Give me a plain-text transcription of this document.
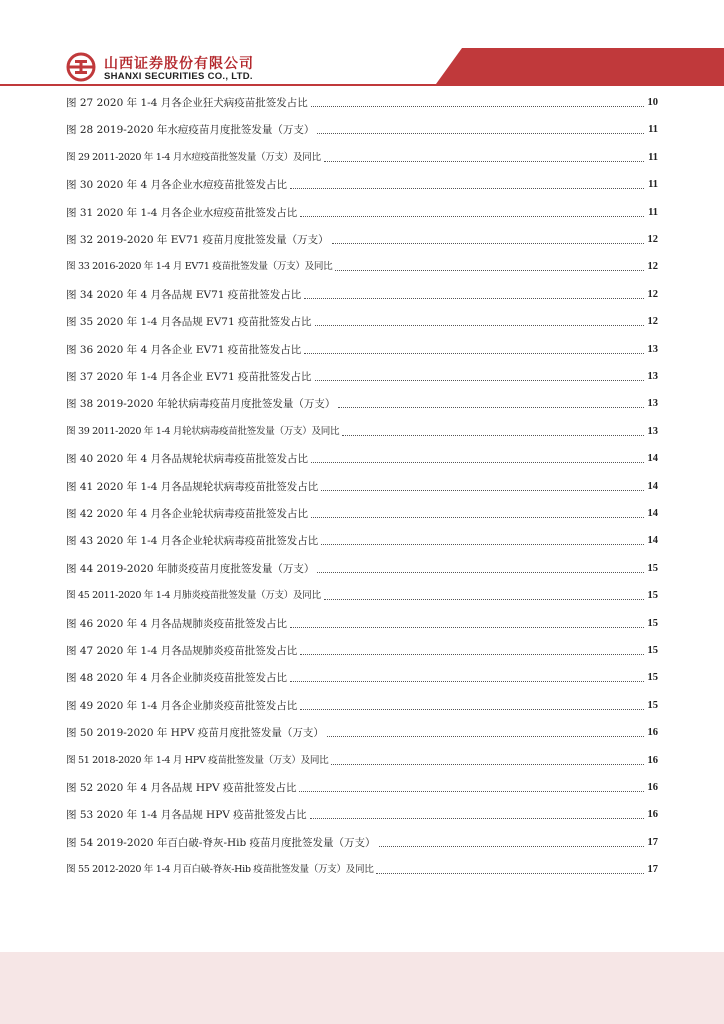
山西证券股份有限公司
SHANXI SECURITIES CO., LTD.
图 27 2020 年 1-4 月各企业狂犬病疫苗批签发占比	10
图 28 2019-2020 年水痘疫苗月度批签发量（万支）	11
图 29 2011-2020 年 1-4 月水痘疫苗批签发量（万支）及同比	11
图 30 2020 年 4 月各企业水痘疫苗批签发占比	11
图 31 2020 年 1-4 月各企业水痘疫苗批签发占比	11
图 32 2019-2020 年 EV71 疫苗月度批签发量（万支）	12
图 33 2016-2020 年 1-4 月 EV71 疫苗批签发量（万支）及同比	12
图 34 2020 年 4 月各品规 EV71 疫苗批签发占比	12
图 35 2020 年 1-4 月各品规 EV71 疫苗批签发占比	12
图 36 2020 年 4 月各企业 EV71 疫苗批签发占比	13
图 37 2020 年 1-4 月各企业 EV71 疫苗批签发占比	13
图 38 2019-2020 年轮状病毒疫苗月度批签发量（万支）	13
图 39 2011-2020 年 1-4 月轮状病毒疫苗批签发量（万支）及同比	13
图 40 2020 年 4 月各品规轮状病毒疫苗批签发占比	14
图 41 2020 年 1-4 月各品规轮状病毒疫苗批签发占比	14
图 42 2020 年 4 月各企业轮状病毒疫苗批签发占比	14
图 43 2020 年 1-4 月各企业轮状病毒疫苗批签发占比	14
图 44 2019-2020 年肺炎疫苗月度批签发量（万支）	15
图 45 2011-2020 年 1-4 月肺炎疫苗批签发量（万支）及同比	15
图 46 2020 年 4 月各品规肺炎疫苗批签发占比	15
图 47 2020 年 1-4 月各品规肺炎疫苗批签发占比	15
图 48 2020 年 4 月各企业肺炎疫苗批签发占比	15
图 49 2020 年 1-4 月各企业肺炎疫苗批签发占比	15
图 50 2019-2020 年 HPV 疫苗月度批签发量（万支）	16
图 51 2018-2020 年 1-4 月 HPV 疫苗批签发量（万支）及同比	16
图 52 2020 年 4 月各品规 HPV 疫苗批签发占比	16
图 53 2020 年 1-4 月各品规 HPV 疫苗批签发占比	16
图 54 2019-2020 年百白破-脊灰-Hib 疫苗月度批签发量（万支）	17
图 55 2012-2020 年 1-4 月百白破-脊灰-Hib 疫苗批签发量（万支）及同比	17
